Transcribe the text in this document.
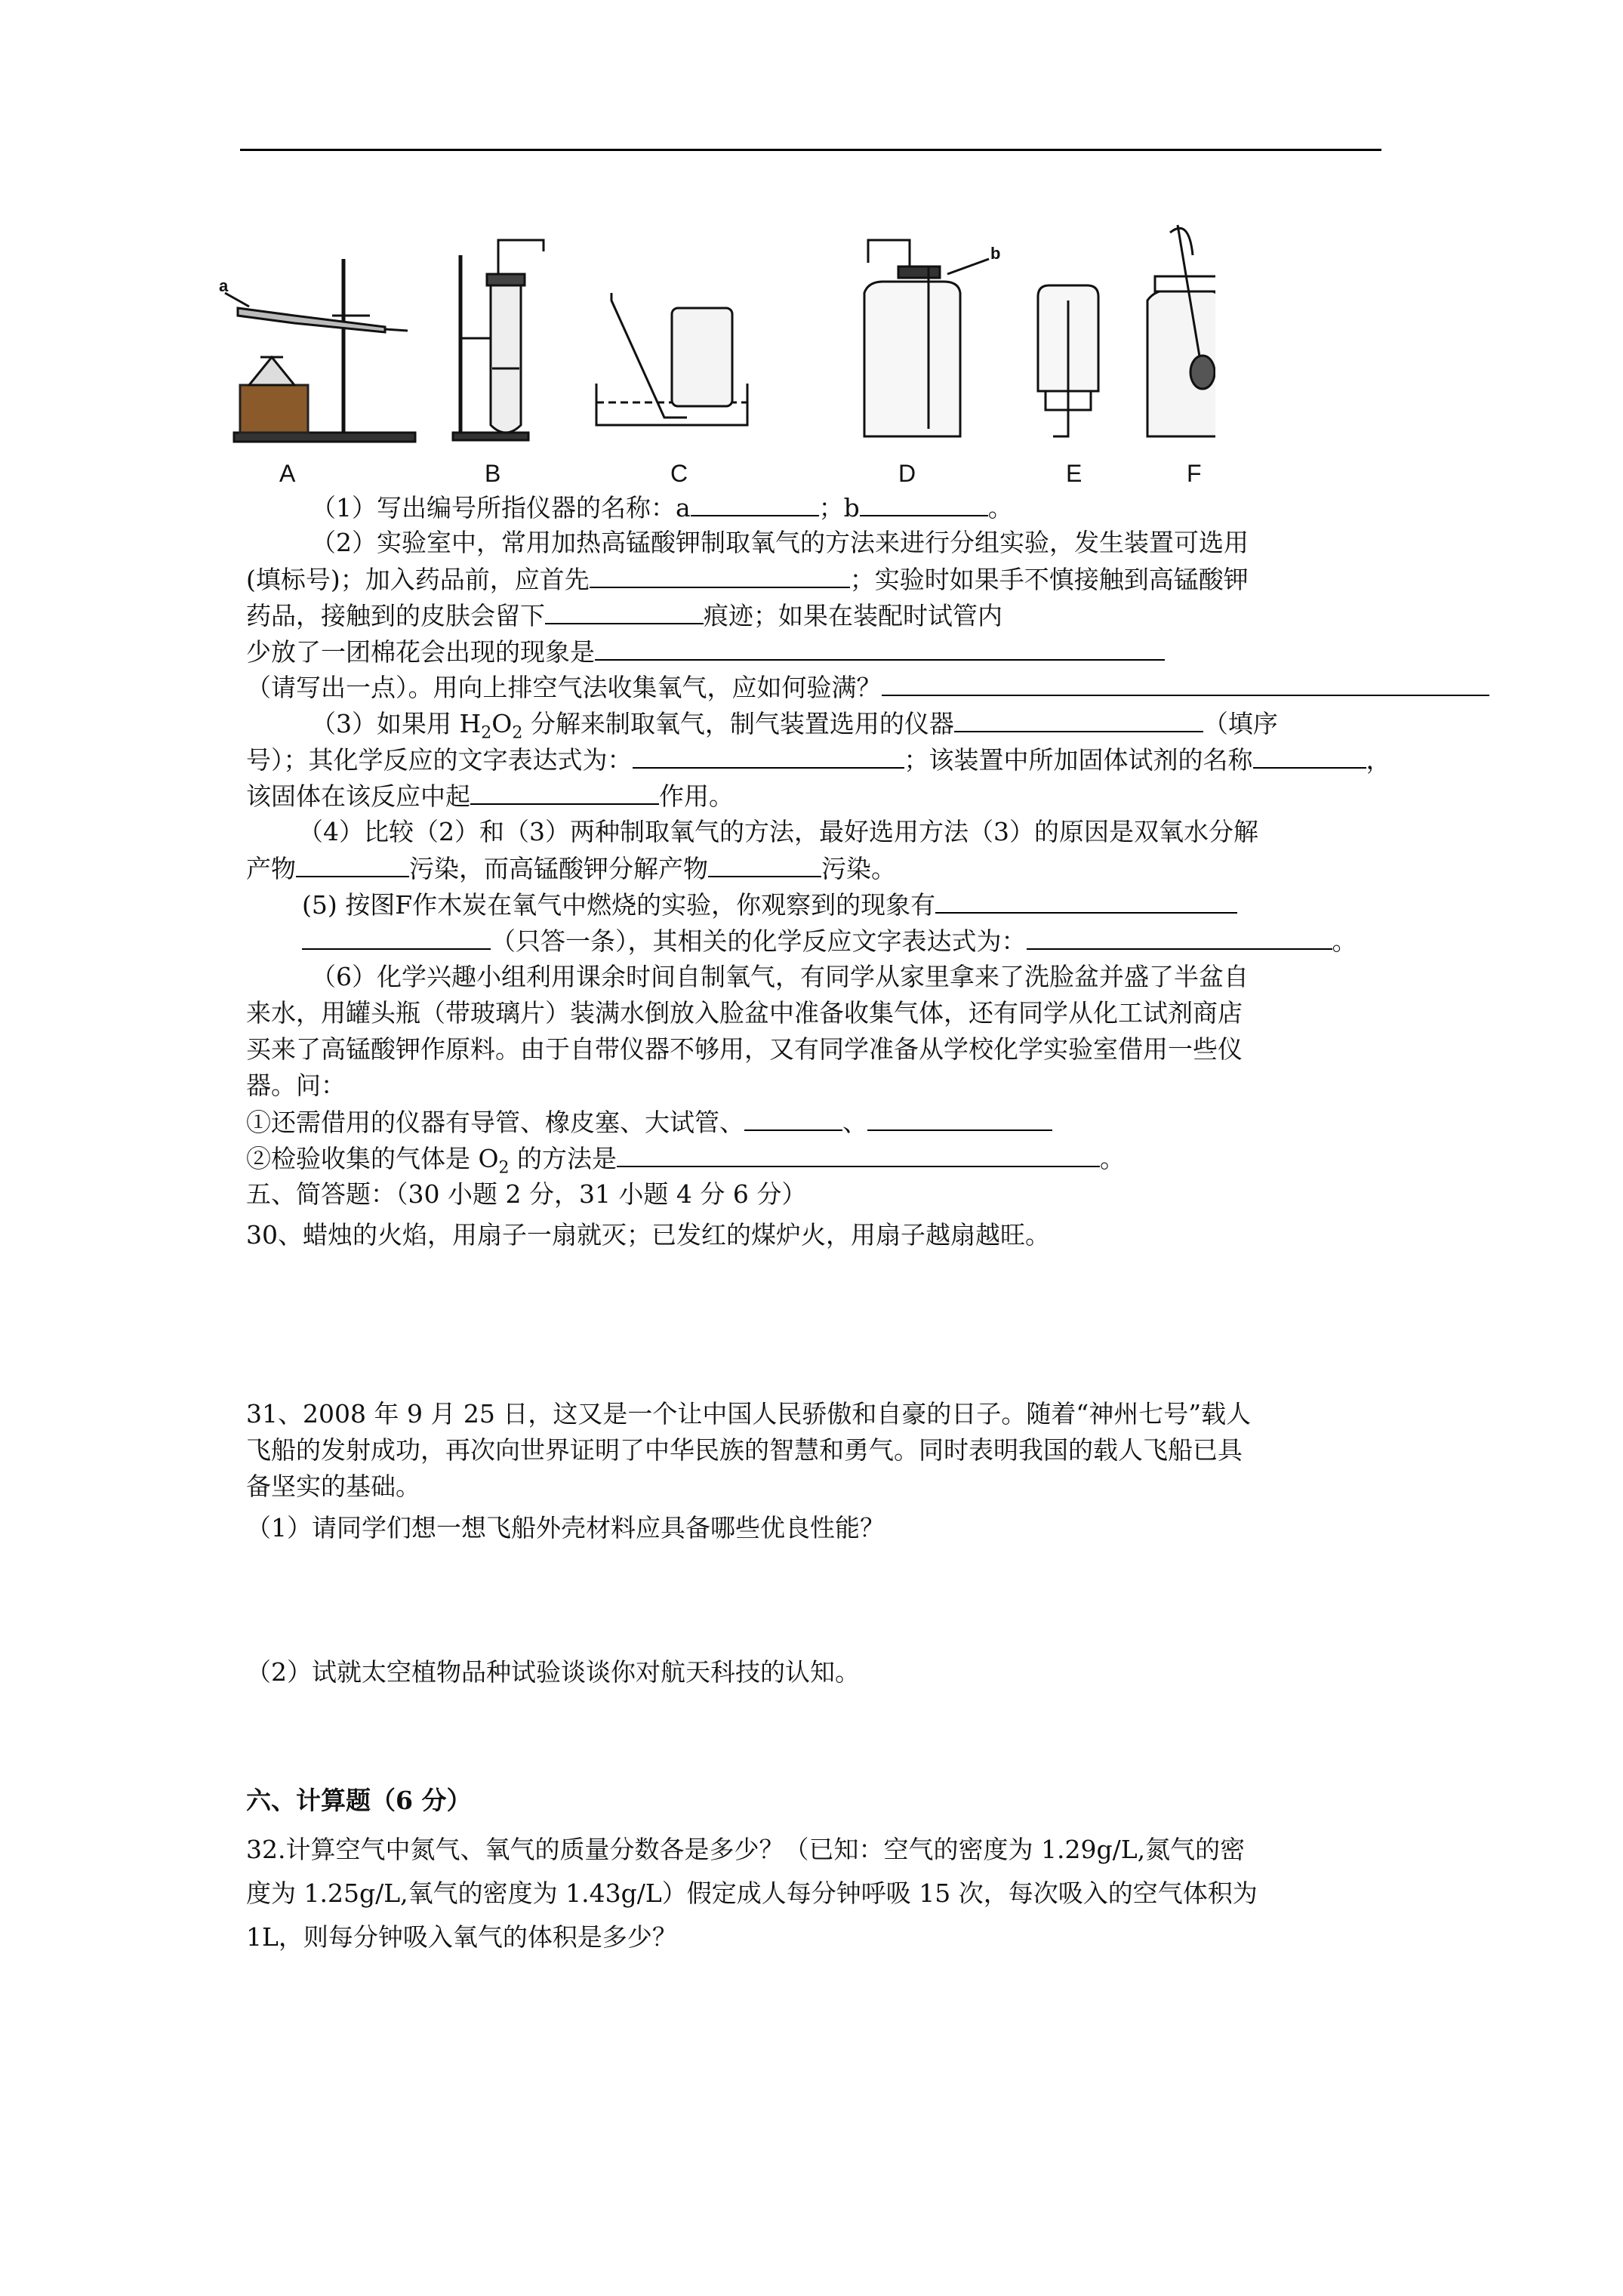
A	B	C	D	E	F
a
b
（1）写出编号所指仪器的名称：a	；b	。
（2）实验室中，常用加热高锰酸钾制取氧气的方法来进行分组实验，发生装置可选用
(填标号)；加入药品前，应首先	；实验时如果手不慎接触到高锰酸钾
药品，接触到的皮肤会留下	痕迹；如果在装配时试管内
少放了一团棉花会出现的现象是
（请写出一点）。用向上排空气法收集氧气，应如何验满？
（3）如果用 $H_2O_2$ 分解来制取氧气，制气装置选用的仪器	（填序
号）；其化学反应的文字表达式为：	；该装置中所加固体试剂的名称	，
该固体在该反应中起	作用。
（4）比较（2）和（3）两种制取氧气的方法，最好选用方法（3）的原因是双氧水分解
产物	污染，而高锰酸钾分解产物	污染。
(5) 按图F作木炭在氧气中燃烧的实验，你观察到的现象有
（只答一条），其相关的化学反应文字表达式为：	。
（6）化学兴趣小组利用课余时间自制氧气，有同学从家里拿来了洗脸盆并盛了半盆自
来水，用罐头瓶（带玻璃片）装满水倒放入脸盆中准备收集气体，还有同学从化工试剂商店
买来了高锰酸钾作原料。由于自带仪器不够用，又有同学准备从学校化学实验室借用一些仪
器。问：
①还需借用的仪器有导管、橡皮塞、大试管、	、
②检验收集的气体是 $O_2$ 的方法是	。
五、简答题：（30 小题 2 分，31 小题 4 分 6 分）
30、蜡烛的火焰，用扇子一扇就灭；已发红的煤炉火，用扇子越扇越旺。
31、2008 年 9 月 25 日，这又是一个让中国人民骄傲和自豪的日子。随着“神州七号”载人
飞船的发射成功，再次向世界证明了中华民族的智慧和勇气。同时表明我国的载人飞船已具
备坚实的基础。
（1）请同学们想一想飞船外壳材料应具备哪些优良性能？
（2）试就太空植物品种试验谈谈你对航天科技的认知。
六、计算题（6 分）
32.计算空气中氮气、氧气的质量分数各是多少？（已知：空气的密度为 1.29g/L,氮气的密
度为 1.25g/L,氧气的密度为 1.43g/L）假定成人每分钟呼吸 15 次，每次吸入的空气体积为
1L，则每分钟吸入氧气的体积是多少？
